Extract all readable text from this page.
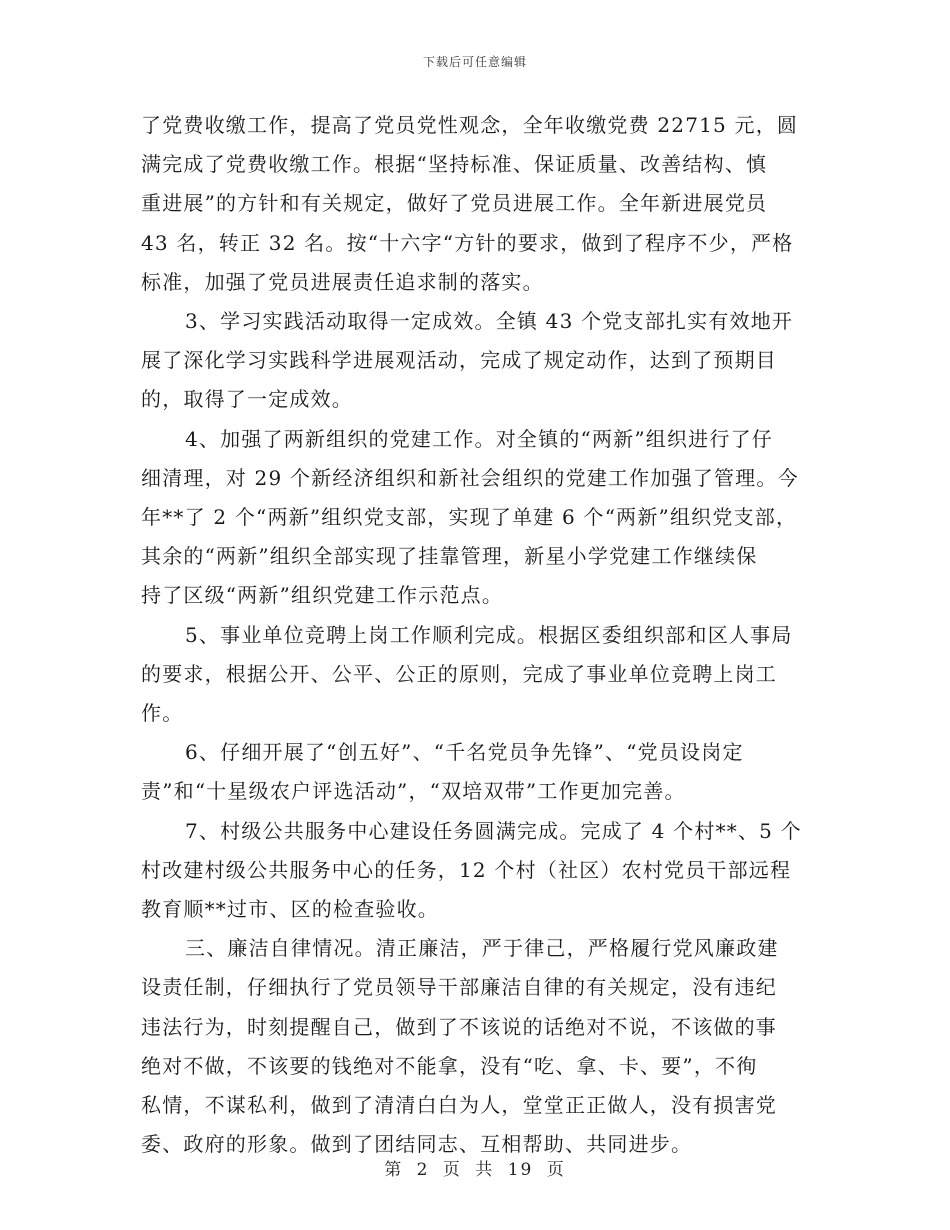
下载后可任意编辑

了党费收缴工作，提高了党员党性观念，全年收缴党费 22715 元，圆
满完成了党费收缴工作。根据“坚持标准、保证质量、改善结构、慎
重进展”的方针和有关规定，做好了党员进展工作。全年新进展党员
43 名，转正 32 名。按“十六字“方针的要求，做到了程序不少，严格
标准，加强了党员进展责任追求制的落实。

3、学习实践活动取得一定成效。全镇 43 个党支部扎实有效地开
展了深化学习实践科学进展观活动，完成了规定动作，达到了预期目
的，取得了一定成效。

4、加强了两新组织的党建工作。对全镇的“两新”组织进行了仔
细清理，对 29 个新经济组织和新社会组织的党建工作加强了管理。今
年**了 2 个“两新”组织党支部，实现了单建 6 个“两新”组织党支部，
其余的“两新”组织全部实现了挂靠管理，新星小学党建工作继续保
持了区级“两新”组织党建工作示范点。

5、事业单位竞聘上岗工作顺利完成。根据区委组织部和区人事局
的要求，根据公开、公平、公正的原则，完成了事业单位竞聘上岗工
作。

6、仔细开展了“创五好”、“千名党员争先锋”、“党员设岗定
责”和“十星级农户评选活动”，“双培双带”工作更加完善。

7、村级公共服务中心建设任务圆满完成。完成了 4 个村**、5 个
村改建村级公共服务中心的任务，12 个村（社区）农村党员干部远程
教育顺**过市、区的检查验收。

三、廉洁自律情况。清正廉洁，严于律己，严格履行党风廉政建
设责任制，仔细执行了党员领导干部廉洁自律的有关规定，没有违纪
违法行为，时刻提醒自己，做到了不该说的话绝对不说，不该做的事
绝对不做，不该要的钱绝对不能拿，没有“吃、拿、卡、要”，不徇
私情，不谋私利，做到了清清白白为人，堂堂正正做人，没有损害党
委、政府的形象。做到了团结同志、互相帮助、共同进步。

第 2 页 共 19 页
